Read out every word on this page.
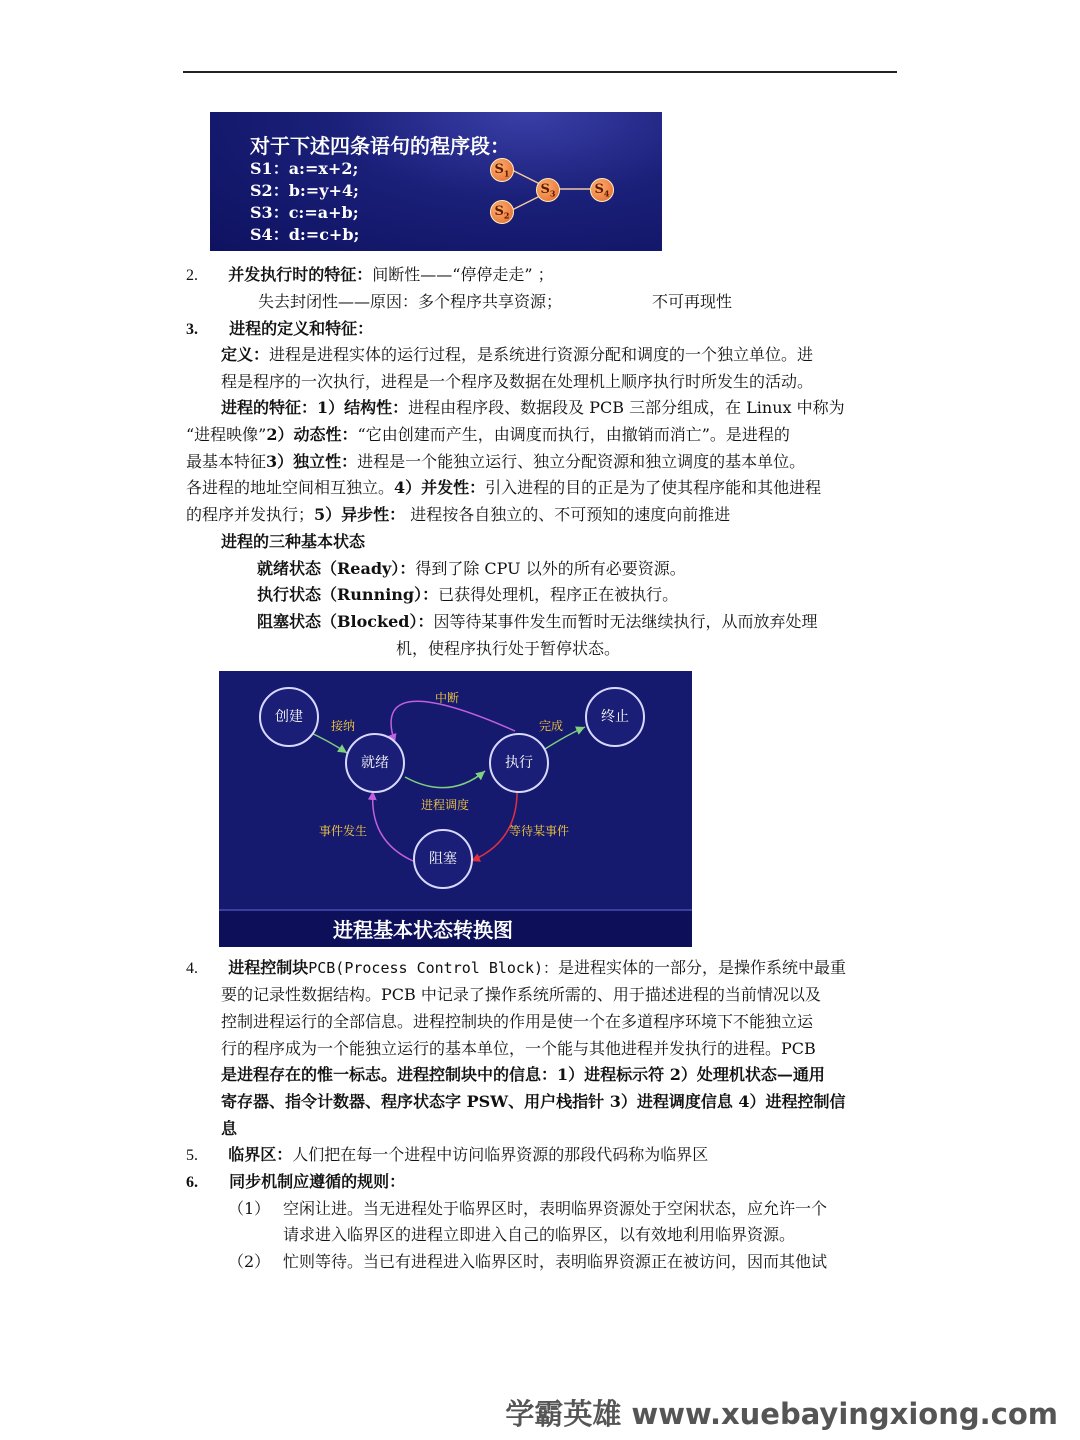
对于下述四条语句的程序段：
S1：a:=x+2;
S2：b:=y+4;
S3：c:=a+b;
S4：d:=c+b;
$S_1$
$S_2$
$S_3$	$S_4$
2. 并发执行时的特征：间断性——“停停走走” ；
失去封闭性——原因：多个程序共享资源；	不可再现性
3. 进程的定义和特征：
定义：进程是进程实体的运行过程，是系统进行资源分配和调度的一个独立单位。进
程是程序的一次执行，进程是一个程序及数据在处理机上顺序执行时所发生的活动。
进程的特征：1）结构性：进程由程序段、数据段及 PCB 三部分组成，在 Linux 中称为
“进程映像”2）动态性：“它由创建而产生，由调度而执行，由撤销而消亡”。是进程的
最基本特征3）独立性：进程是一个能独立运行、独立分配资源和独立调度的基本单位。
各进程的地址空间相互独立。4）并发性：引入进程的目的正是为了使其程序能和其他进程
的程序并发执行；5）异步性： 进程按各自独立的、不可预知的速度向前推进
进程的三种基本状态
就绪状态（Ready）：得到了除 CPU 以外的所有必要资源。
执行状态（Running）：已获得处理机，程序正在被执行。
阻塞状态（Blocked）：因等待某事件发生而暂时无法继续执行，从而放弃处理
机，使程序执行处于暂停状态。
创建
就绪	执行
终止
阻塞
中断
接纳	完成
进程调度
事件发生	等待某事件
进程基本状态转换图
4. 进程控制块PCB(Process Control Block)：是进程实体的一部分，是操作系统中最重
要的记录性数据结构。PCB 中记录了操作系统所需的、用于描述进程的当前情况以及
控制进程运行的全部信息。进程控制块的作用是使一个在多道程序环境下不能独立运
行的程序成为一个能独立运行的基本单位，一个能与其他进程并发执行的进程。PCB
是进程存在的惟一标志。进程控制块中的信息：1）进程标示符 2）处理机状态—通用
寄存器、指令计数器、程序状态字 PSW、用户栈指针 3）进程调度信息 4）进程控制信
息
5. 临界区：人们把在每一个进程中访问临界资源的那段代码称为临界区
6. 同步机制应遵循的规则：
（1） 空闲让进。当无进程处于临界区时，表明临界资源处于空闲状态，应允许一个
请求进入临界区的进程立即进入自己的临界区，以有效地利用临界资源。
（2） 忙则等待。当已有进程进入临界区时，表明临界资源正在被访问，因而其他试
学霸英雄 www.xuebayingxiong.com
